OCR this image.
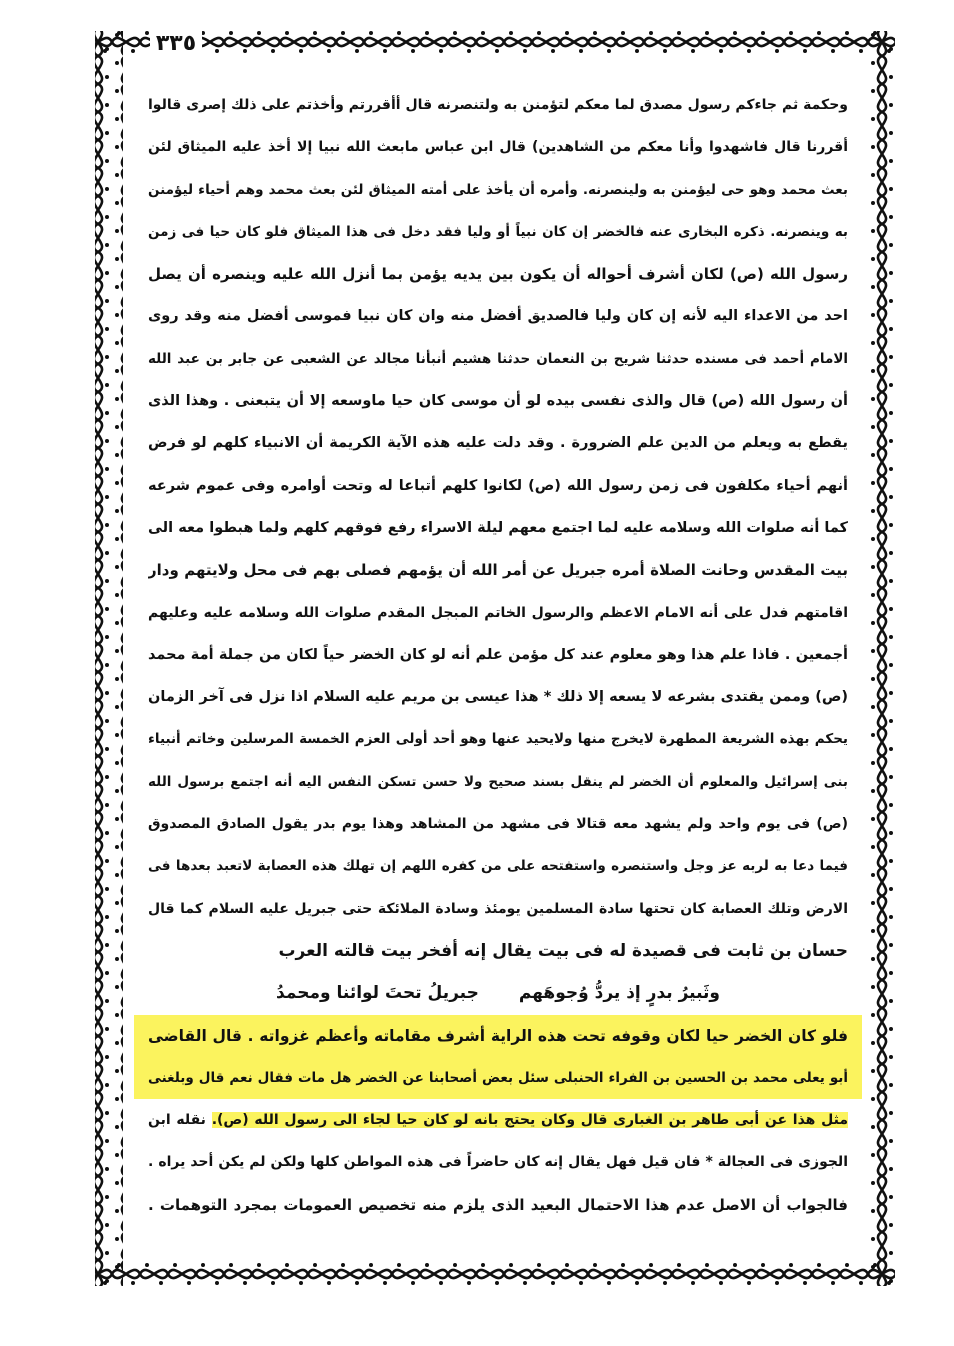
٣٣٥
وحكمة ثم جاءكم رسول مصدق لما معكم لتؤمنن به ولتنصرنه قال أأقررتم وأخذتم على ذلك إصرى قالوا
أقررنا قال فاشهدوا وأنا معكم من الشاهدين) قال ابن عباس مابعث الله نبيا إلا أخذ عليه الميثاق لئن
بعث محمد وهو حى ليؤمنن به ولينصرنه. وأمره أن يأخذ على أمته الميثاق لئن بعث محمد وهم أحياء ليؤمنن
به وينصرنه. ذكره البخارى عنه فالخضر إن كان نبياً أو وليا فقد دخل فى هذا الميثاق فلو كان حيا فى زمن
رسول الله (ص) لكان أشرف أحواله أن يكون بين يديه يؤمن بما أنزل الله عليه وينصره أن يصل
احد من الاعداء اليه لأنه إن كان وليا فالصديق أفضل منه وان كان نبيا فموسى أفضل منه وقد روى
الامام أحمد فى مسنده حدثنا شريح بن النعمان حدثنا هشيم أنبأنا مجالد عن الشعبى عن جابر بن عبد الله
أن رسول الله (ص) قال والذى نفسى بيده لو أن موسى كان حيا ماوسعه إلا أن يتبعنى . وهذا الذى
يقطع به ويعلم من الدين علم الضرورة . وقد دلت عليه هذه الآية الكريمة أن الانبياء كلهم لو فرض
أنهم أحياء مكلفون فى زمن رسول الله (ص) لكانوا كلهم أتباعا له وتحت أوامره وفى عموم شرعه
كما أنه صلوات الله وسلامه عليه لما اجتمع معهم ليلة الاسراء رفع فوقهم كلهم ولما هبطوا معه الى
بيت المقدس وحانت الصلاة أمره جبريل عن أمر الله أن يؤمهم فصلى بهم فى محل ولايتهم ودار
اقامتهم فدل على أنه الامام الاعظم والرسول الخاتم المبجل المقدم صلوات الله وسلامه عليه وعليهم
أجمعين . فاذا علم هذا وهو معلوم عند كل مؤمن علم أنه لو كان الخضر حياً لكان من جملة أمة محمد
(ص) وممن يقتدى بشرعه لا يسعه إلا ذلك * هذا عيسى بن مريم عليه السلام اذا نزل فى آخر الزمان
يحكم بهذه الشريعة المطهرة لايخرج منها ولايحيد عنها وهو أحد أولى العزم الخمسة المرسلين وخاتم أنبياء
بنى إسرائيل والمعلوم أن الخضر لم ينقل بسند صحيح ولا حسن تسكن النفس اليه أنه اجتمع برسول الله
(ص) فى يوم واحد ولم يشهد معه قتالا فى مشهد من المشاهد وهذا يوم بدر يقول الصادق المصدوق
فيما دعا به لربه عز وجل واستنصره واستفتحه على من كفره اللهم إن تهلك هذه العصابة لاتعبد بعدها فى
الارض وتلك العصابة كان تحتها سادة المسلمين يومئذ وسادة الملائكة حتى جبريل عليه السلام كما قال
حسان بن ثابت فى قصيدة له فى بيت يقال إنه أفخر بيت قالته العرب
وثَبيرُ بدرٍ إذ يردُّ وُجوهَهم
جبريلُ تحتَ لوائنا ومحمدُ
فلو كان الخضر حيا لكان وقوفه تحت هذه الراية أشرف مقاماته وأعظم غزواته . قال القاضى
أبو يعلى محمد بن الحسين بن الفراء الحنبلى سئل بعض أصحابنا عن الخضر هل مات فقال نعم قال وبلغنى
مثل هذا عن أبى طاهر بن الغبارى قال وكان يحتج بانه لو كان حيا لجاء الى رسول الله (ص). نقله ابن
الجوزى فى العجالة * فان قيل فهل يقال إنه كان حاضراً فى هذه المواطن كلها ولكن لم يكن أحد يراه .
فالجواب أن الاصل عدم هذا الاحتمال البعيد الذى يلزم منه تخصيص العمومات بمجرد التوهمات .
